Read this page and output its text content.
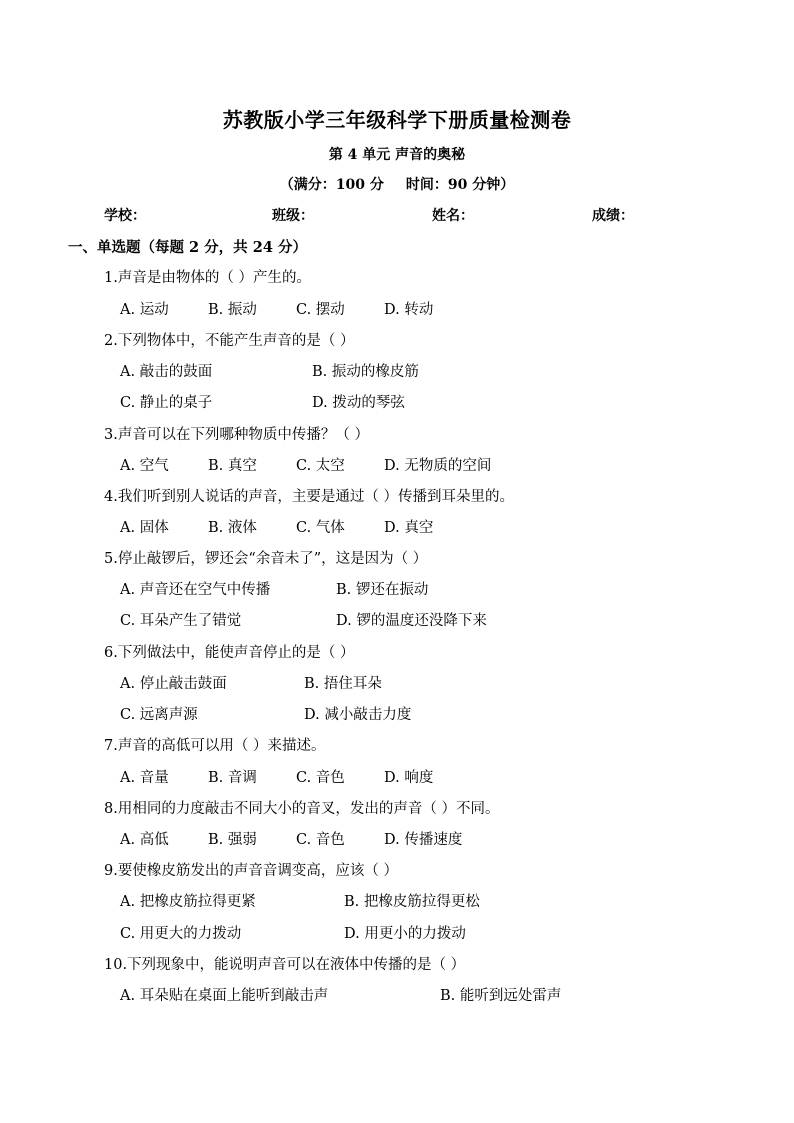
苏教版小学三年级科学下册质量检测卷
第 4 单元 声音的奥秘
（满分：100 分 时间：90 分钟）
学校：	班级：	姓名：	成绩：
一、单选题（每题 2 分，共 24 分）
1.声音是由物体的（ ）产生的。
A. 运动	B. 振动	C. 摆动	D. 转动
2.下列物体中，不能产生声音的是（ ）
A. 敲击的鼓面	B. 振动的橡皮筋
C. 静止的桌子	D. 拨动的琴弦
3.声音可以在下列哪种物质中传播？（ ）
A. 空气	B. 真空	C. 太空	D. 无物质的空间
4.我们听到别人说话的声音，主要是通过（ ）传播到耳朵里的。
A. 固体	B. 液体	C. 气体	D. 真空
5.停止敲锣后，锣还会“余音未了”，这是因为（ ）
A. 声音还在空气中传播	B. 锣还在振动
C. 耳朵产生了错觉	D. 锣的温度还没降下来
6.下列做法中，能使声音停止的是（ ）
A. 停止敲击鼓面	B. 捂住耳朵
C. 远离声源	D. 减小敲击力度
7.声音的高低可以用（ ）来描述。
A. 音量	B. 音调	C. 音色	D. 响度
8.用相同的力度敲击不同大小的音叉，发出的声音（ ）不同。
A. 高低	B. 强弱	C. 音色	D. 传播速度
9.要使橡皮筋发出的声音音调变高，应该（ ）
A. 把橡皮筋拉得更紧	B. 把橡皮筋拉得更松
C. 用更大的力拨动	D. 用更小的力拨动
10.下列现象中，能说明声音可以在液体中传播的是（ ）
A. 耳朵贴在桌面上能听到敲击声	B. 能听到远处雷声
